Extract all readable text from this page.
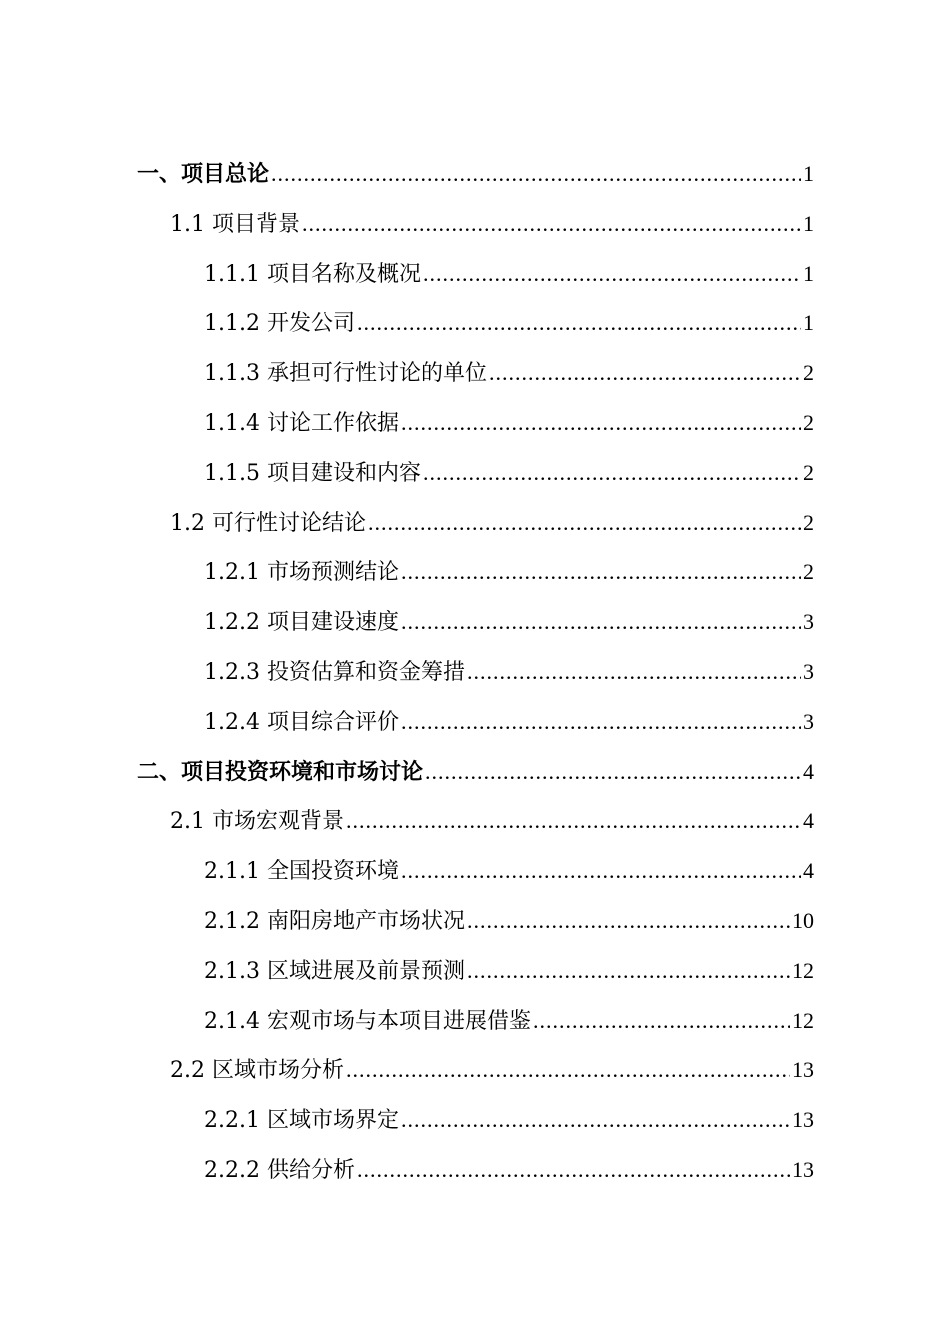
一、项目总论 .....	1
1.1 项目背景 .....	1
1.1.1 项目名称及概况 .....	1
1.1.2 开发公司 .....	1
1.1.3 承担可行性讨论的单位 .....	2
1.1.4 讨论工作依据 .....	2
1.1.5 项目建设和内容 .....	2
1.2 可行性讨论结论 .....	2
1.2.1 市场预测结论 .....	2
1.2.2 项目建设速度 .....	3
1.2.3 投资估算和资金筹措 .....	3
1.2.4 项目综合评价 .....	3
二、项目投资环境和市场讨论 .....	4
2.1 市场宏观背景 .....	4
2.1.1 全国投资环境 .....	4
2.1.2 南阳房地产市场状况 .....	10
2.1.3 区域进展及前景预测 .....	12
2.1.4 宏观市场与本项目进展借鉴 .....	12
2.2 区域市场分析 .....	13
2.2.1 区域市场界定 .....	13
2.2.2 供给分析 .....	13
